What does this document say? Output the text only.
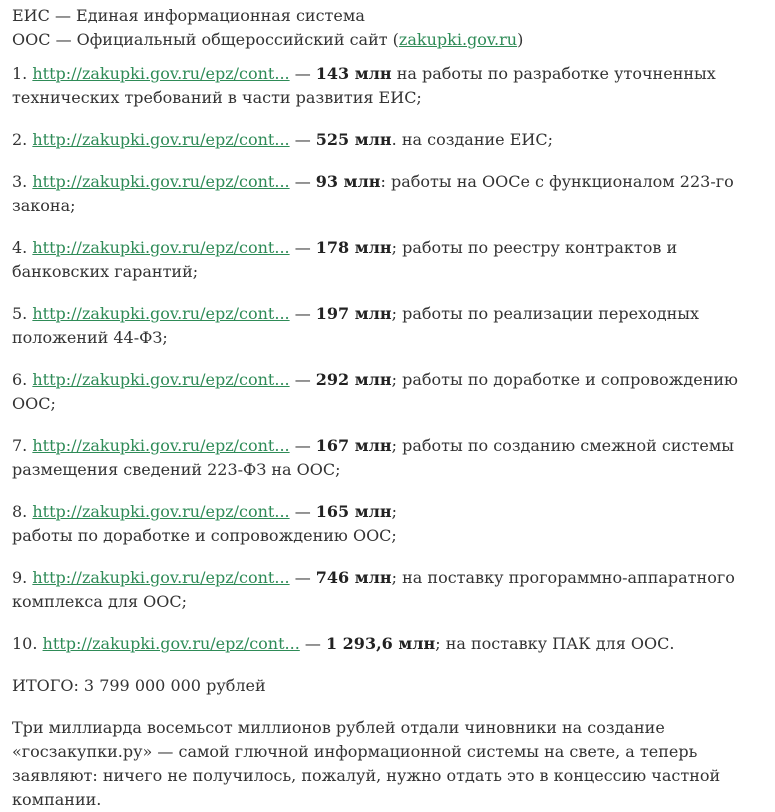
ЕИС — Единая информационная система

ООС — Официальный общероссийский сайт (zakupki.gov.ru)

1. http://zakupki.gov.ru/epz/cont... — 143 млн на работы по разработке уточненных технических требований в части развития ЕИС;

2. http://zakupki.gov.ru/epz/cont... — 525 млн. на создание ЕИС;

3. http://zakupki.gov.ru/epz/cont... — 93 млн: работы на ООСе с функционалом 223-го закона;

4. http://zakupki.gov.ru/epz/cont... — 178 млн; работы по реестру контрактов и банковских гарантий;

5. http://zakupki.gov.ru/epz/cont... — 197 млн; работы по реализации переходных положений 44-ФЗ;

6. http://zakupki.gov.ru/epz/cont... — 292 млн; работы по доработке и сопровождению ООС;

7. http://zakupki.gov.ru/epz/cont... — 167 млн; работы по созданию смежной системы размещения сведений 223-ФЗ на ООС;

8. http://zakupki.gov.ru/epz/cont... — 165 млн;
работы по доработке и сопровождению ООС;

9. http://zakupki.gov.ru/epz/cont... — 746 млн; на поставку прогораммно-аппаратного комплекса для ООС;

10. http://zakupki.gov.ru/epz/cont... — 1 293,6 млн; на поставку ПАК для ООС.

ИТОГО: 3 799 000 000 рублей

Три миллиарда восемьсот миллионов рублей отдали чиновники на создание «госзакупки.ру» — самой глючной информационной системы на свете, а теперь заявляют: ничего не получилось, пожалуй, нужно отдать это в концессию частной компании.
